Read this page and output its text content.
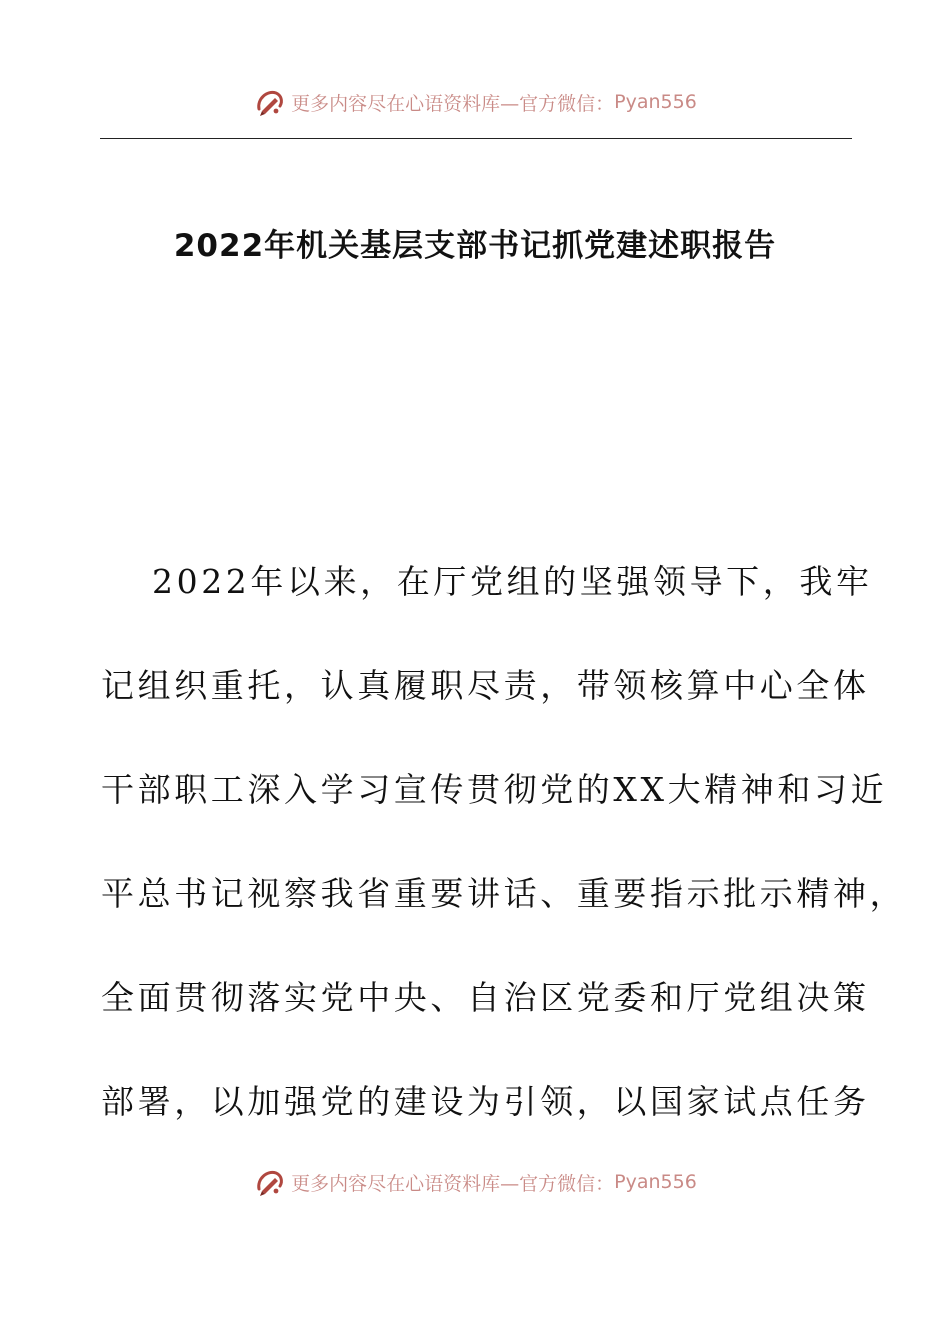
更多内容尽在心语资料库—官方微信： Pyan556
2022年机关基层支部书记抓党建述职报告
2022年以来，在厅党组的坚强领导下，我牢
记组织重托，认真履职尽责，带领核算中心全体
干部职工深入学习宣传贯彻党的XX大精神和习近
平总书记视察我省重要讲话、重要指示批示精神，
全面贯彻落实党中央、自治区党委和厅党组决策
部署，以加强党的建设为引领，以国家试点任务
更多内容尽在心语资料库—官方微信： Pyan556
